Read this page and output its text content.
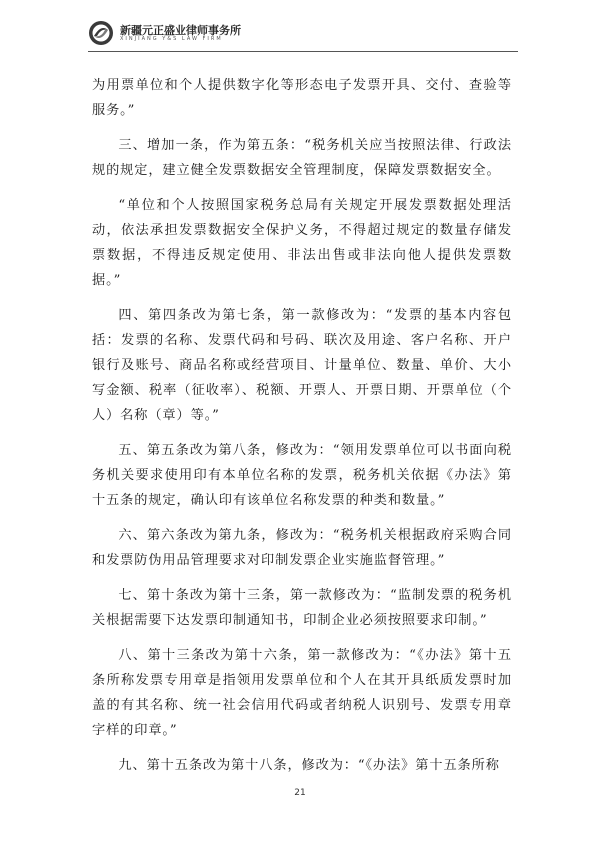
新疆元正盛业律师事务所
XINJIANG Y&S LAW FIRM

为用票单位和个人提供数字化等形态电子发票开具、交付、查验等服务。”

三、增加一条，作为第五条：“税务机关应当按照法律、行政法规的规定，建立健全发票数据安全管理制度，保障发票数据安全。

“单位和个人按照国家税务总局有关规定开展发票数据处理活动，依法承担发票数据安全保护义务，不得超过规定的数量存储发票数据，不得违反规定使用、非法出售或非法向他人提供发票数据。”

四、第四条改为第七条，第一款修改为：“发票的基本内容包括：发票的名称、发票代码和号码、联次及用途、客户名称、开户银行及账号、商品名称或经营项目、计量单位、数量、单价、大小写金额、税率（征收率）、税额、开票人、开票日期、开票单位（个人）名称（章）等。”

五、第五条改为第八条，修改为：“领用发票单位可以书面向税务机关要求使用印有本单位名称的发票，税务机关依据《办法》第十五条的规定，确认印有该单位名称发票的种类和数量。”

六、第六条改为第九条，修改为：“税务机关根据政府采购合同和发票防伪用品管理要求对印制发票企业实施监督管理。”

七、第十条改为第十三条，第一款修改为：“监制发票的税务机关根据需要下达发票印制通知书，印制企业必须按照要求印制。”

八、第十三条改为第十六条，第一款修改为：“《办法》第十五条所称发票专用章是指领用发票单位和个人在其开具纸质发票时加盖的有其名称、统一社会信用代码或者纳税人识别号、发票专用章字样的印章。”

九、第十五条改为第十八条，修改为：“《办法》第十五条所称

21
